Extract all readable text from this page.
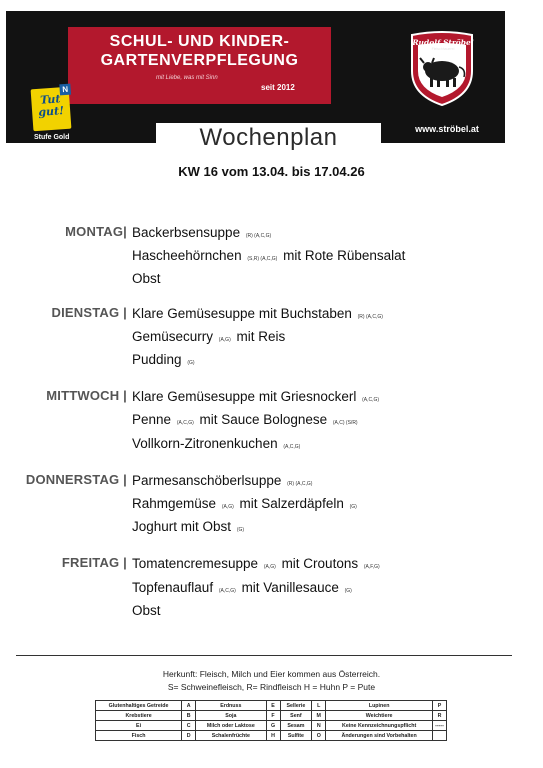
SCHUL- UND KINDER-
GARTENVERPFLEGUNG
mit Liebe, was mit Sinn
seit 2012
N
Tut gut!
Stufe Gold	Wochenplan
Rudolf Ströbel
Fleischhauerei
www.ströbel.at
KW 16 vom 13.04. bis 17.04.26
MONTAG| Backerbsensuppe (R) (A,C,G)
Hascheehörnchen (S,R) (A,C,G) mit Rote Rübensalat
Obst
DIENSTAG | Klare Gemüsesuppe mit Buchstaben (R) (A,C,G)
Gemüsecurry (A,G) mit Reis
Pudding (G)
MITTWOCH | Klare Gemüsesuppe mit Griesnockerl (A,C,G)
Penne (A,C,G) mit Sauce Bolognese (A,C) (S/R)
Vollkorn-Zitronenkuchen (A,C,G)
DONNERSTAG | Parmesanschöberlsuppe (R) (A,C,G)
Rahmgemüse (A,G) mit Salzerdäpfeln (G)
Joghurt mit Obst (G)
FREITAG | Tomatencremesuppe (A,G) mit Croutons (A,F,G)
Topfenauflauf (A,C,G) mit Vanillesauce (G)
Obst
Herkunft: Fleisch, Milch und Eier kommen aus Österreich.
S= Schweinefleisch, R= Rindfleisch H = Huhn P = Pute
Glutenhaltiges Getreide	A	Erdnuss	E	Sellerie	L	Lupinen	P
Krebstiere	B	Soja	F	Senf	M	Weichtiere	R
Ei	C	Milch oder Laktose	G	Sesam	N	Keine Kennzeichnungspflicht	-----
Fisch	D	Schalenfrüchte	H	Sulfite	O	Änderungen sind Vorbehalten	
